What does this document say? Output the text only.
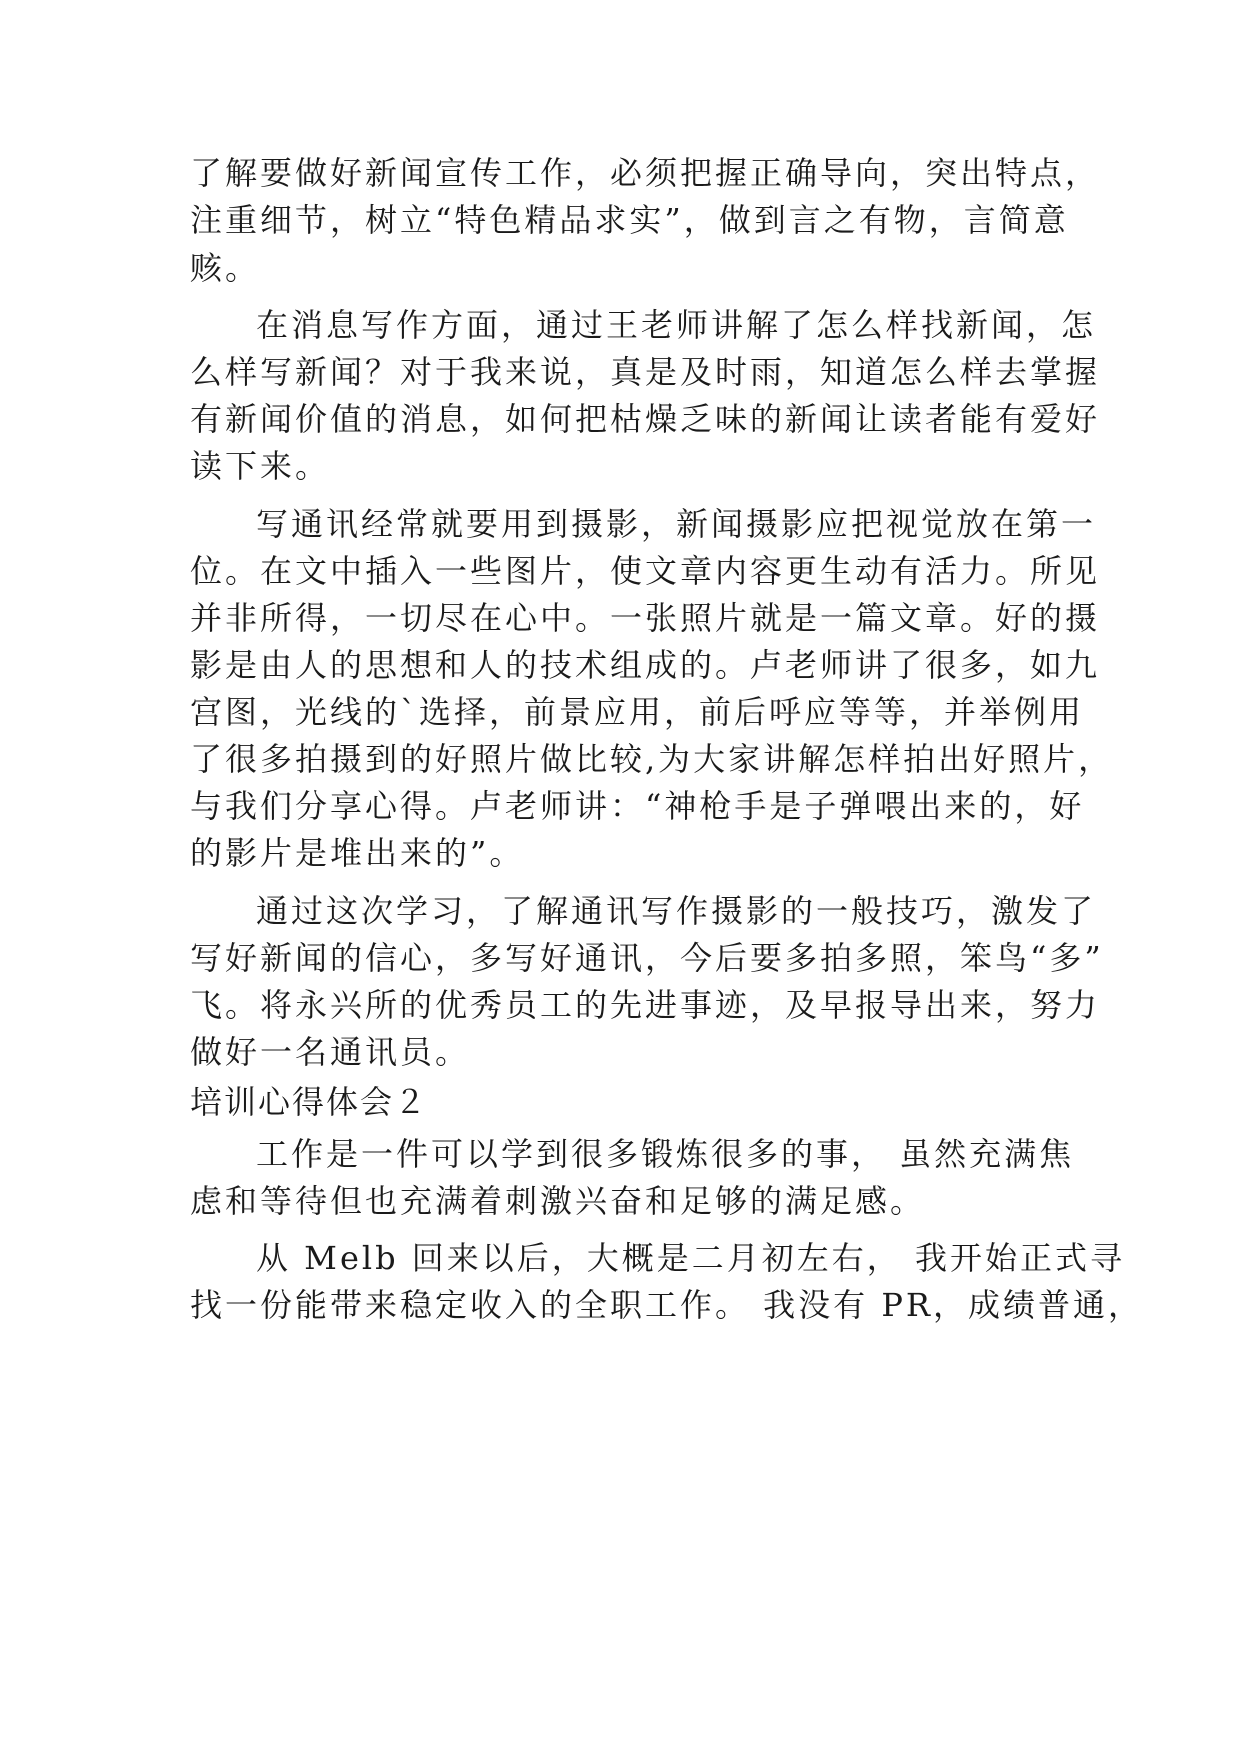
了解要做好新闻宣传工作，必须把握正确导向，突出特点，
注重细节，树立“特色精品求实”，做到言之有物，言简意
赅。
在消息写作方面，通过王老师讲解了怎么样找新闻，怎
么样写新闻？对于我来说，真是及时雨，知道怎么样去掌握
有新闻价值的消息，如何把枯燥乏味的新闻让读者能有爱好
读下来。
写通讯经常就要用到摄影，新闻摄影应把视觉放在第一
位。在文中插入一些图片，使文章内容更生动有活力。所见
并非所得，一切尽在心中。一张照片就是一篇文章。好的摄
影是由人的思想和人的技术组成的。卢老师讲了很多，如九
宫图，光线的`选择，前景应用，前后呼应等等，并举例用
了很多拍摄到的好照片做比较,为大家讲解怎样拍出好照片，
与我们分享心得。卢老师讲：“神枪手是子弹喂出来的，好
的影片是堆出来的”。
通过这次学习，了解通讯写作摄影的一般技巧，激发了
写好新闻的信心，多写好通讯，今后要多拍多照，笨鸟“多”
飞。将永兴所的优秀员工的先进事迹，及早报导出来，努力
做好一名通讯员。
培训心得体会２
工作是一件可以学到很多锻炼很多的事， 虽然充满焦
虑和等待但也充满着刺激兴奋和足够的满足感。
从 Melb 回来以后，大概是二月初左右， 我开始正式寻
找一份能带来稳定收入的全职工作。 我没有 PR，成绩普通，
